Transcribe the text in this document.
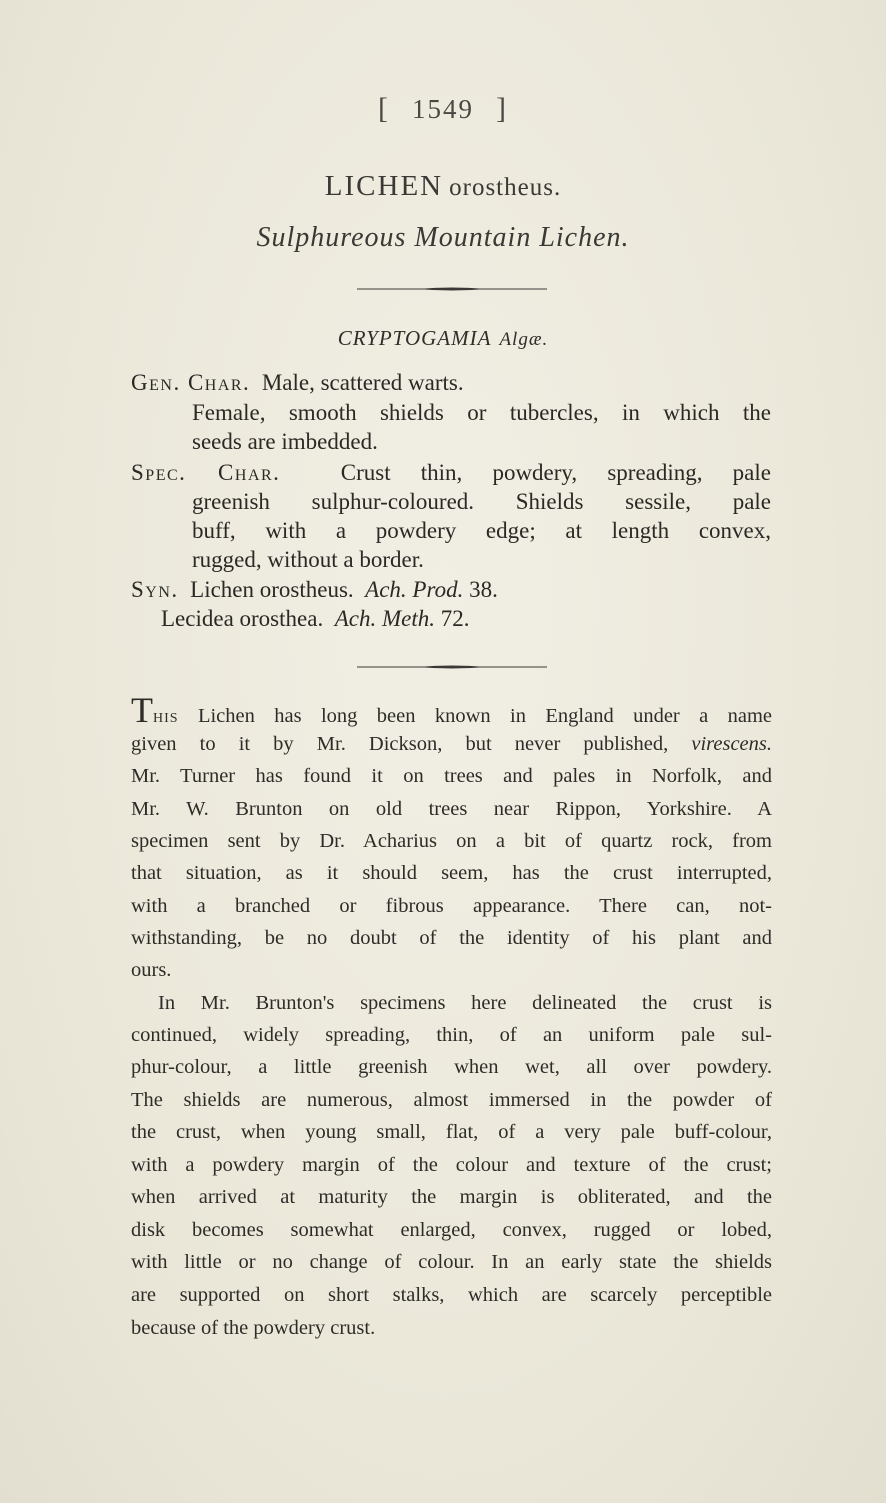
[ 1549 ]
LICHEN orostheus.
Sulphureous Mountain Lichen.
CRYPTOGAMIA Algæ.
Gen. Char. Male, scattered warts.
Female, smooth shields or tubercles, in which the
seeds are imbedded.
Spec. Char.	Crust thin, powdery, spreading, pale
greenish sulphur-coloured. Shields sessile, pale
buff, with a powdery edge; at length convex,
rugged, without a border.
Syn. Lichen orostheus. Ach. Prod. 38.
Lecidea orosthea. Ach. Meth. 72.
This Lichen has long been known in England under a name
given to it by Mr. Dickson, but never published, virescens.
Mr. Turner has found it on trees and pales in Norfolk, and
Mr. W. Brunton on old trees near Rippon, Yorkshire. A
specimen sent by Dr. Acharius on a bit of quartz rock, from
that situation, as it should seem, has the crust interrupted,
with a branched or fibrous appearance. There can, not-
withstanding, be no doubt of the identity of his plant and
ours.
In Mr. Brunton's specimens here delineated the crust is
continued, widely spreading, thin, of an uniform pale sul-
phur-colour, a little greenish when wet, all over powdery.
The shields are numerous, almost immersed in the powder of
the crust, when young small, flat, of a very pale buff-colour,
with a powdery margin of the colour and texture of the crust;
when arrived at maturity the margin is obliterated, and the
disk becomes somewhat enlarged, convex, rugged or lobed,
with little or no change of colour. In an early state the shields
are supported on short stalks, which are scarcely perceptible
because of the powdery crust.
